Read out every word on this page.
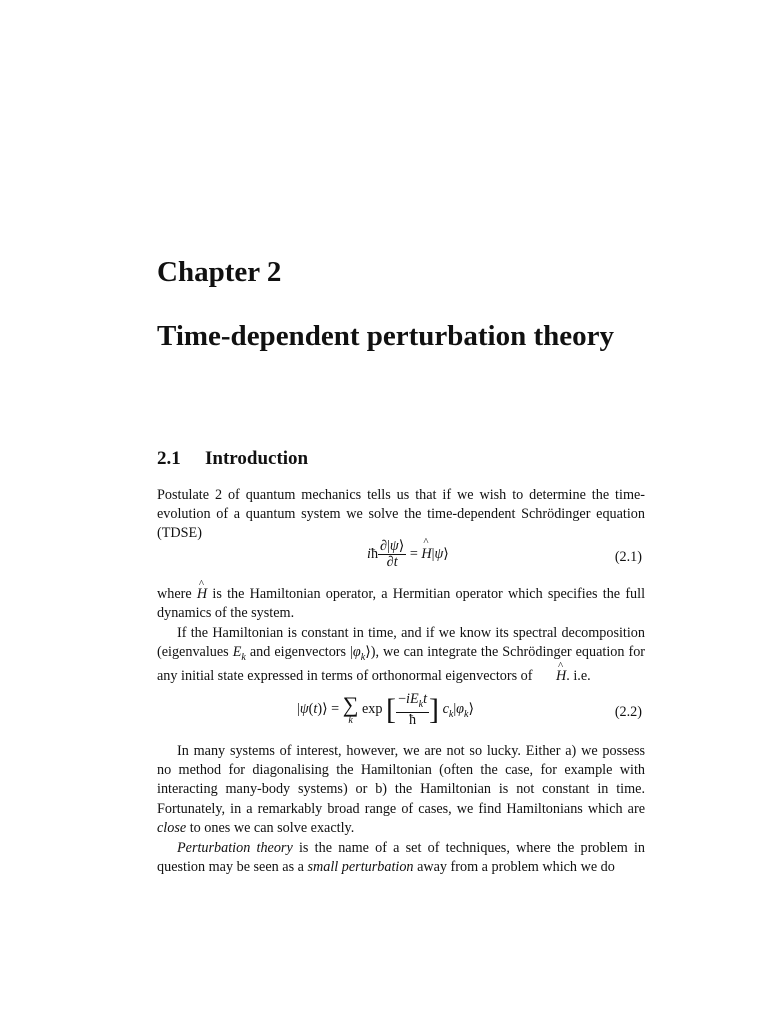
Chapter 2
Time-dependent perturbation theory
2.1 Introduction
Postulate 2 of quantum mechanics tells us that if we wish to determine the time-evolution of a quantum system we solve the time-dependent Schrödinger equation (TDSE)
iħ $\frac{\partial|\psi⟩}{\partial t} = H$ ^|ψ⟩	(2.1)
where H ^ is the Hamiltonian operator, a Hermitian operator which specifies the full dynamics of the system.
If the Hamiltonian is constant in time, and if we know its spectral decomposition (eigenvalues $E_k$ and eigenvectors $|\varphi_k⟩$), we can integrate the Schrödinger equation for any initial state expressed in terms of orthonormal eigenvectors of H ^. i.e.
|ψ(t)⟩ = ∑
k
exp [ $\frac{-iE_kt}{ħ}$ ] $c_k|\varphi_k⟩$	(2.2)
In many systems of interest, however, we are not so lucky. Either a) we possess no method for diagonalising the Hamiltonian (often the case, for example with interacting many-body systems) or b) the Hamiltonian is not constant in time. Fortunately, in a remarkably broad range of cases, we find Hamiltonians which are close to ones we can solve exactly.
Perturbation theory is the name of a set of techniques, where the problem in question may be seen as a small perturbation away from a problem which we do
